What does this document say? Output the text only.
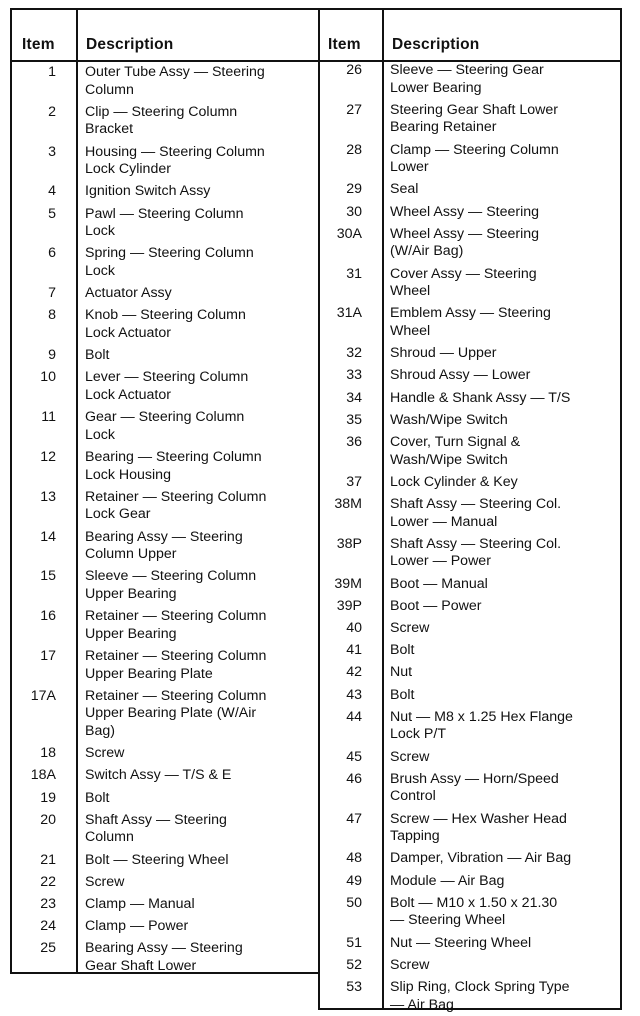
Item Description
1 Outer Tube Assy — Steering
Column
2 Clip — Steering Column
Bracket
3 Housing — Steering Column
Lock Cylinder
4 Ignition Switch Assy
5 Pawl — Steering Column
Lock
6 Spring — Steering Column
Lock
7 Actuator Assy
8 Knob — Steering Column
Lock Actuator
9 Bolt
10 Lever — Steering Column
Lock Actuator
11 Gear — Steering Column
Lock
12 Bearing — Steering Column
Lock Housing
13 Retainer — Steering Column
Lock Gear
14 Bearing Assy — Steering
Column Upper
15 Sleeve — Steering Column
Upper Bearing
16 Retainer — Steering Column
Upper Bearing
17 Retainer — Steering Column
Upper Bearing Plate
17A Retainer — Steering Column
Upper Bearing Plate (W/Air
Bag)
18 Screw
18A Switch Assy — T/S & E
19 Bolt
20 Shaft Assy — Steering
Column
21 Bolt — Steering Wheel
22 Screw
23 Clamp — Manual
24 Clamp — Power
25 Bearing Assy — Steering
Gear Shaft Lower
Item Description
26 Sleeve — Steering Gear
Lower Bearing
27 Steering Gear Shaft Lower
Bearing Retainer
28 Clamp — Steering Column
Lower
29 Seal
30 Wheel Assy — Steering
30A Wheel Assy — Steering
(W/Air Bag)
31 Cover Assy — Steering
Wheel
31A Emblem Assy — Steering
Wheel
32 Shroud — Upper
33 Shroud Assy — Lower
34 Handle & Shank Assy — T/S
35 Wash/Wipe Switch
36 Cover, Turn Signal &
Wash/Wipe Switch
37 Lock Cylinder & Key
38M Shaft Assy — Steering Col.
Lower — Manual
38P Shaft Assy — Steering Col.
Lower — Power
39M Boot — Manual
39P Boot — Power
40 Screw
41 Bolt
42 Nut
43 Bolt
44 Nut — M8 x 1.25 Hex Flange
Lock P/T
45 Screw
46 Brush Assy — Horn/Speed
Control
47 Screw — Hex Washer Head
Tapping
48 Damper, Vibration — Air Bag
49 Module — Air Bag
50 Bolt — M10 x 1.50 x 21.30
— Steering Wheel
51 Nut — Steering Wheel
52 Screw
53 Slip Ring, Clock Spring Type
— Air Bag
